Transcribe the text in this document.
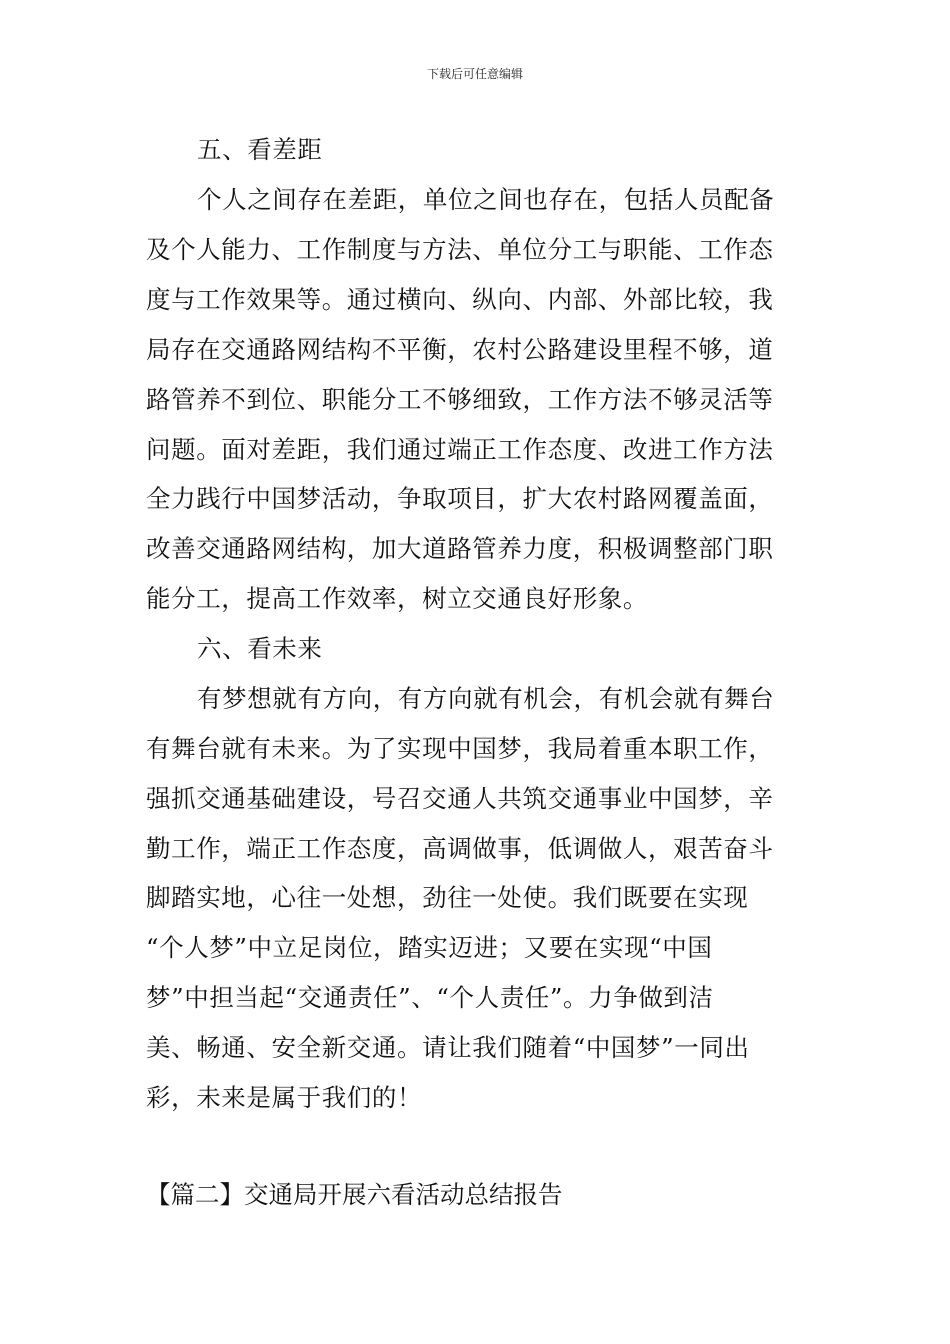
下载后可任意编辑
五、看差距
个人之间存在差距，单位之间也存在，包括人员配备
及个人能力、工作制度与方法、单位分工与职能、工作态
度与工作效果等。通过横向、纵向、内部、外部比较，我
局存在交通路网结构不平衡，农村公路建设里程不够，道
路管养不到位、职能分工不够细致，工作方法不够灵活等
问题。面对差距，我们通过端正工作态度、改进工作方法
全力践行中国梦活动，争取项目，扩大农村路网覆盖面，
改善交通路网结构，加大道路管养力度，积极调整部门职
能分工，提高工作效率，树立交通良好形象。
六、看未来
有梦想就有方向，有方向就有机会，有机会就有舞台
有舞台就有未来。为了实现中国梦，我局着重本职工作，
强抓交通基础建设，号召交通人共筑交通事业中国梦，辛
勤工作，端正工作态度，高调做事，低调做人，艰苦奋斗
脚踏实地，心往一处想，劲往一处使。我们既要在实现
“个人梦”中立足岗位，踏实迈进；又要在实现“中国
梦”中担当起“交通责任”、“个人责任”。力争做到洁
美、畅通、安全新交通。请让我们随着“中国梦”一同出
彩，未来是属于我们的！
【篇二】交通局开展六看活动总结报告
